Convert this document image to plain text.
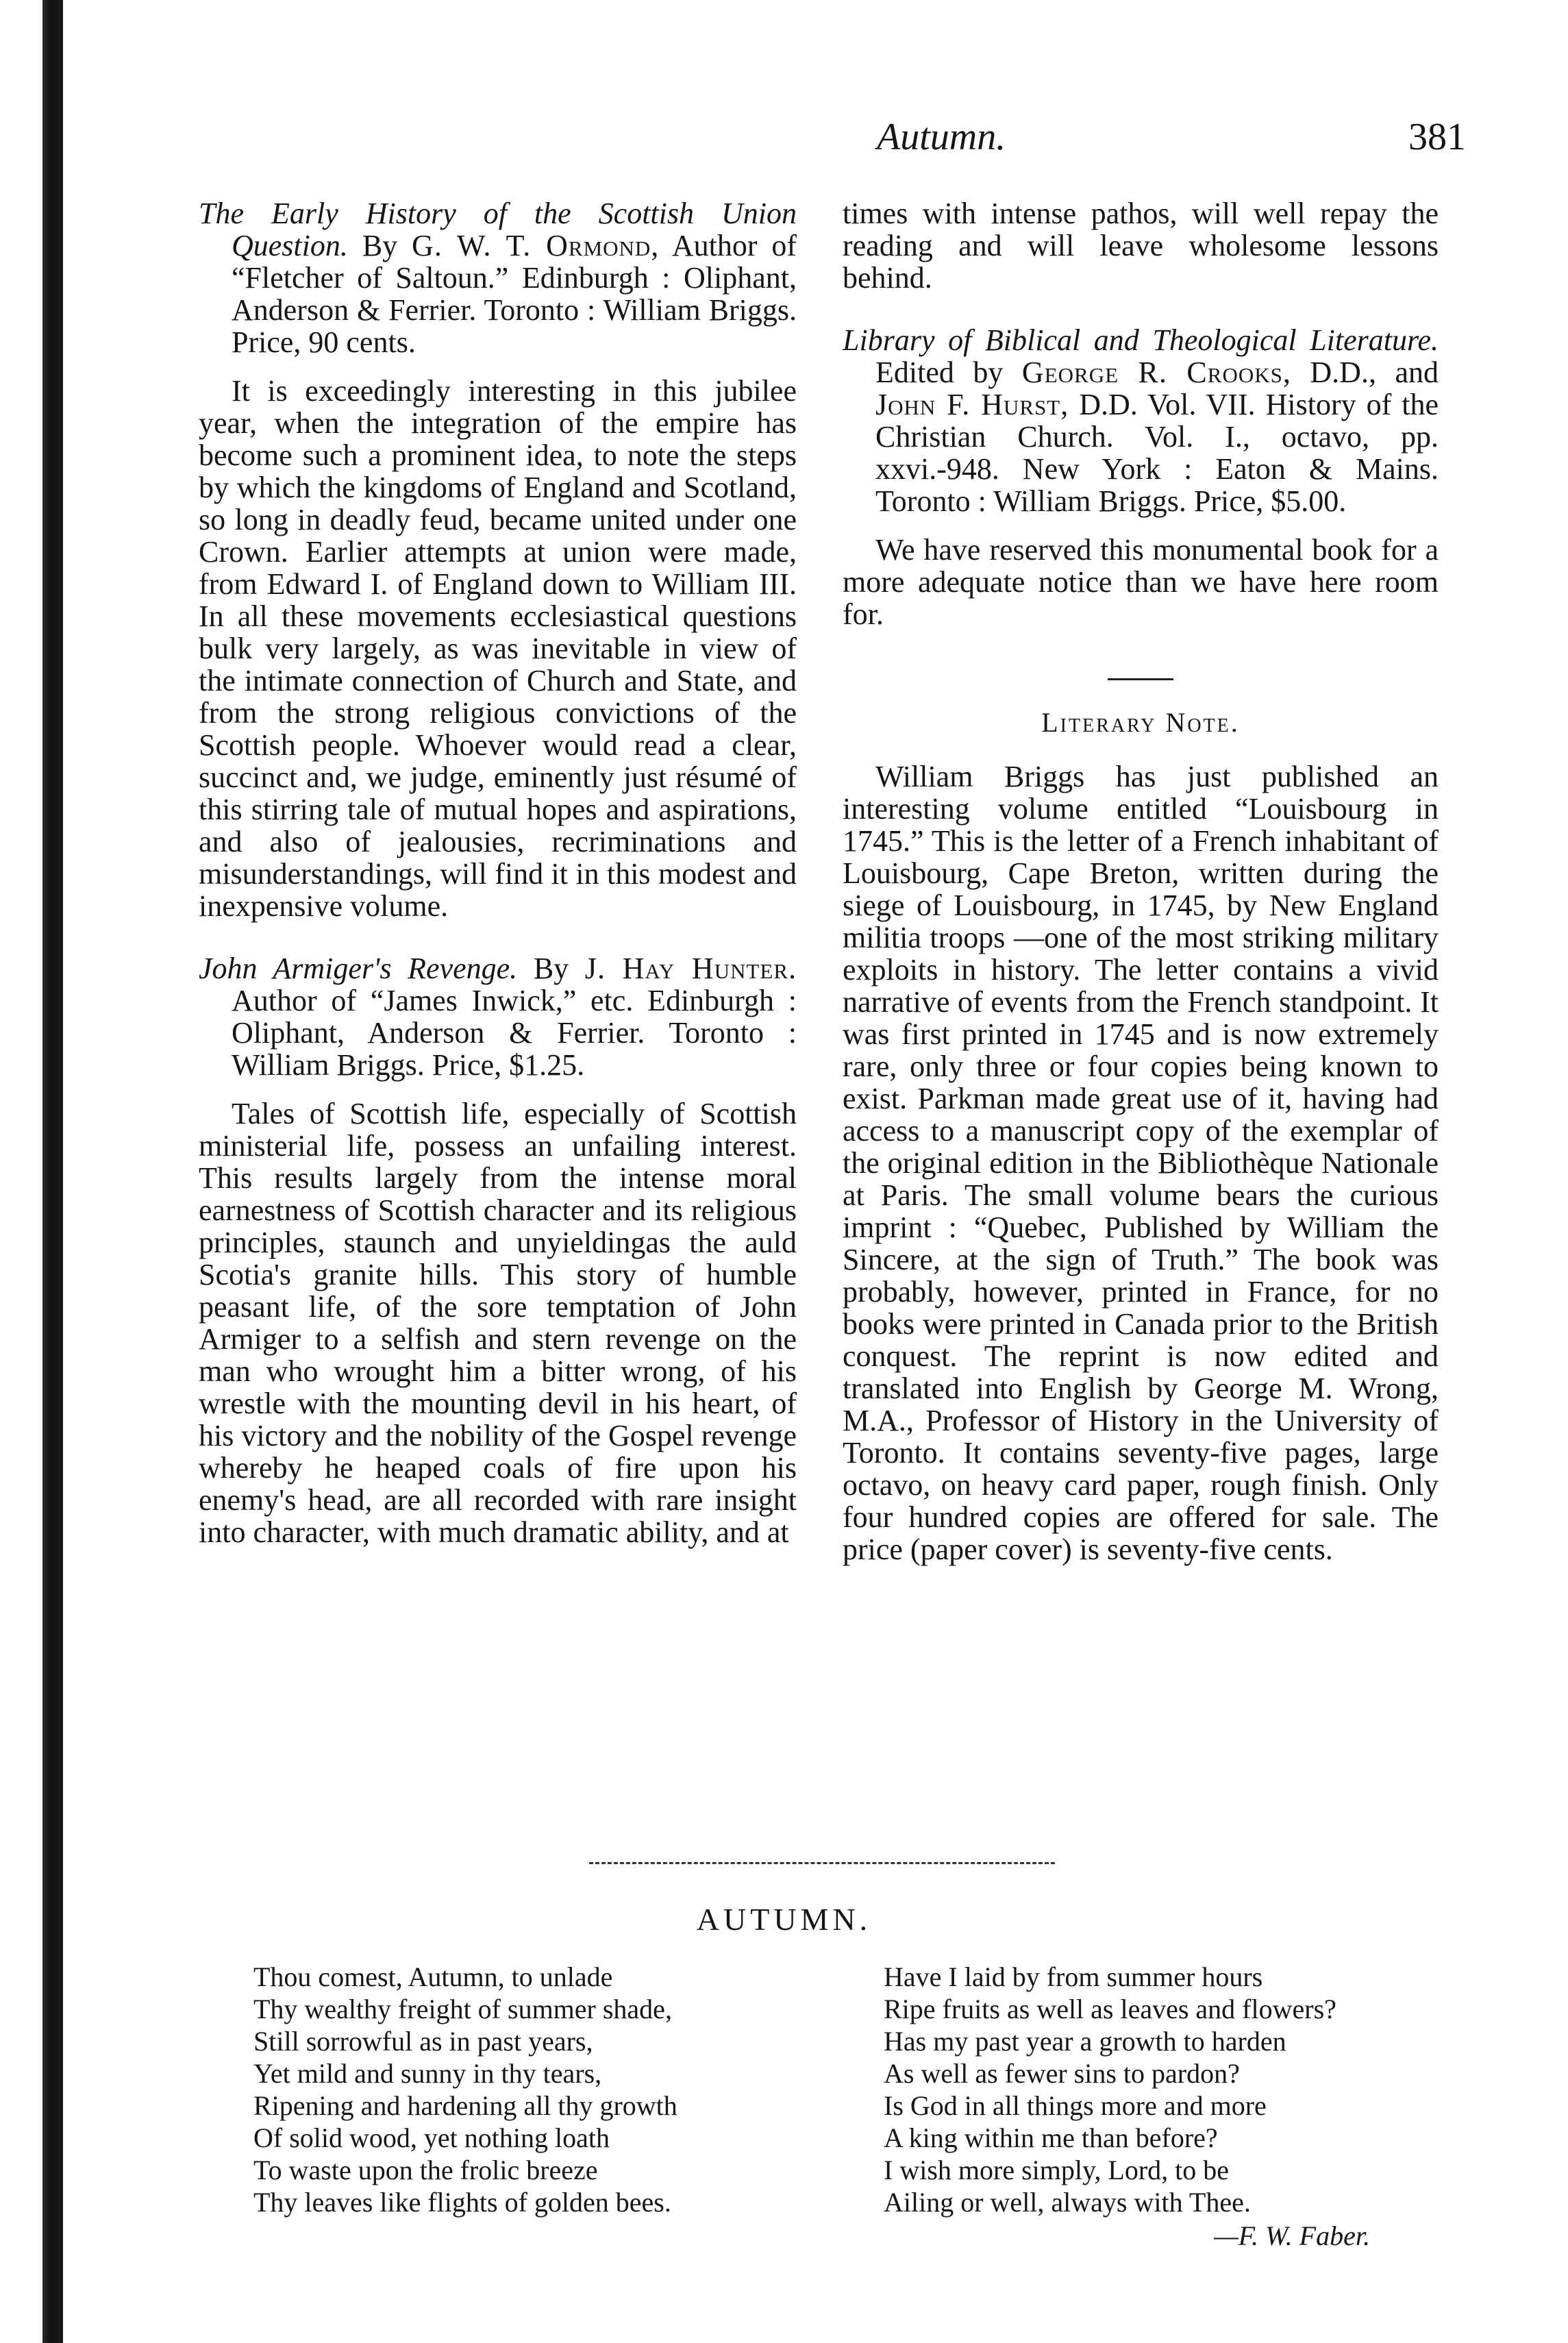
Autumn.	381

The Early History of the Scottish Union Question. By G. W. T. Ormond, Author of “Fletcher of Saltoun.” Edinburgh : Oliphant, Anderson & Ferrier. Toronto : William Briggs. Price, 90 cents.

It is exceedingly interesting in this jubilee year, when the integration of the empire has become such a prominent idea, to note the steps by which the kingdoms of England and Scotland, so long in deadly feud, became united under one Crown. Earlier attempts at union were made, from Edward I. of England down to William III. In all these movements ecclesiastical questions bulk very largely, as was inevitable in view of the intimate connection of Church and State, and from the strong religious convictions of the Scottish people. Whoever would read a clear, succinct and, we judge, eminently just résumé of this stirring tale of mutual hopes and aspirations, and also of jealousies, recriminations and misunderstandings, will find it in this modest and inexpensive volume.

John Armiger's Revenge. By J. Hay Hunter. Author of “James Inwick,” etc. Edinburgh : Oliphant, Anderson & Ferrier. Toronto : William Briggs. Price, $1.25.

Tales of Scottish life, especially of Scottish ministerial life, possess an unfailing interest. This results largely from the intense moral earnestness of Scottish character and its religious principles, staunch and unyieldingas the auld Scotia's granite hills. This story of humble peasant life, of the sore temptation of John Armiger to a selfish and stern revenge on the man who wrought him a bitter wrong, of his wrestle with the mounting devil in his heart, of his victory and the nobility of the Gospel revenge whereby he heaped coals of fire upon his enemy's head, are all recorded with rare insight into character, with much dramatic ability, and at

times with intense pathos, will well repay the reading and will leave wholesome lessons behind.

Library of Biblical and Theological Literature. Edited by George R. Crooks, D.D., and John F. Hurst, D.D. Vol. VII. History of the Christian Church. Vol. I., octavo, pp. xxvi.-948. New York : Eaton & Mains. Toronto : William Briggs. Price, $5.00.

We have reserved this monumental book for a more adequate notice than we have here room for.

Literary Note.

William Briggs has just published an interesting volume entitled “Louisbourg in 1745.” This is the letter of a French inhabitant of Louisbourg, Cape Breton, written during the siege of Louisbourg, in 1745, by New England militia troops —one of the most striking military exploits in history. The letter contains a vivid narrative of events from the French standpoint. It was first printed in 1745 and is now extremely rare, only three or four copies being known to exist. Parkman made great use of it, having had access to a manuscript copy of the exemplar of the original edition in the Bibliothèque Nationale at Paris. The small volume bears the curious imprint : “Quebec, Published by William the Sincere, at the sign of Truth.” The book was probably, however, printed in France, for no books were printed in Canada prior to the British conquest. The reprint is now edited and translated into English by George M. Wrong, M.A., Professor of History in the University of Toronto. It contains seventy-five pages, large octavo, on heavy card paper, rough finish. Only four hundred copies are offered for sale. The price (paper cover) is seventy-five cents.

AUTUMN.
Thou comest, Autumn, to unlade
Thy wealthy freight of summer shade,
Still sorrowful as in past years,
Yet mild and sunny in thy tears,
Ripening and hardening all thy growth
Of solid wood, yet nothing loath
To waste upon the frolic breeze
Thy leaves like flights of golden bees.
Have I laid by from summer hours
Ripe fruits as well as leaves and flowers?
Has my past year a growth to harden
As well as fewer sins to pardon?
Is God in all things more and more
A king within me than before?
I wish more simply, Lord, to be
Ailing or well, always with Thee.
—F. W. Faber.
